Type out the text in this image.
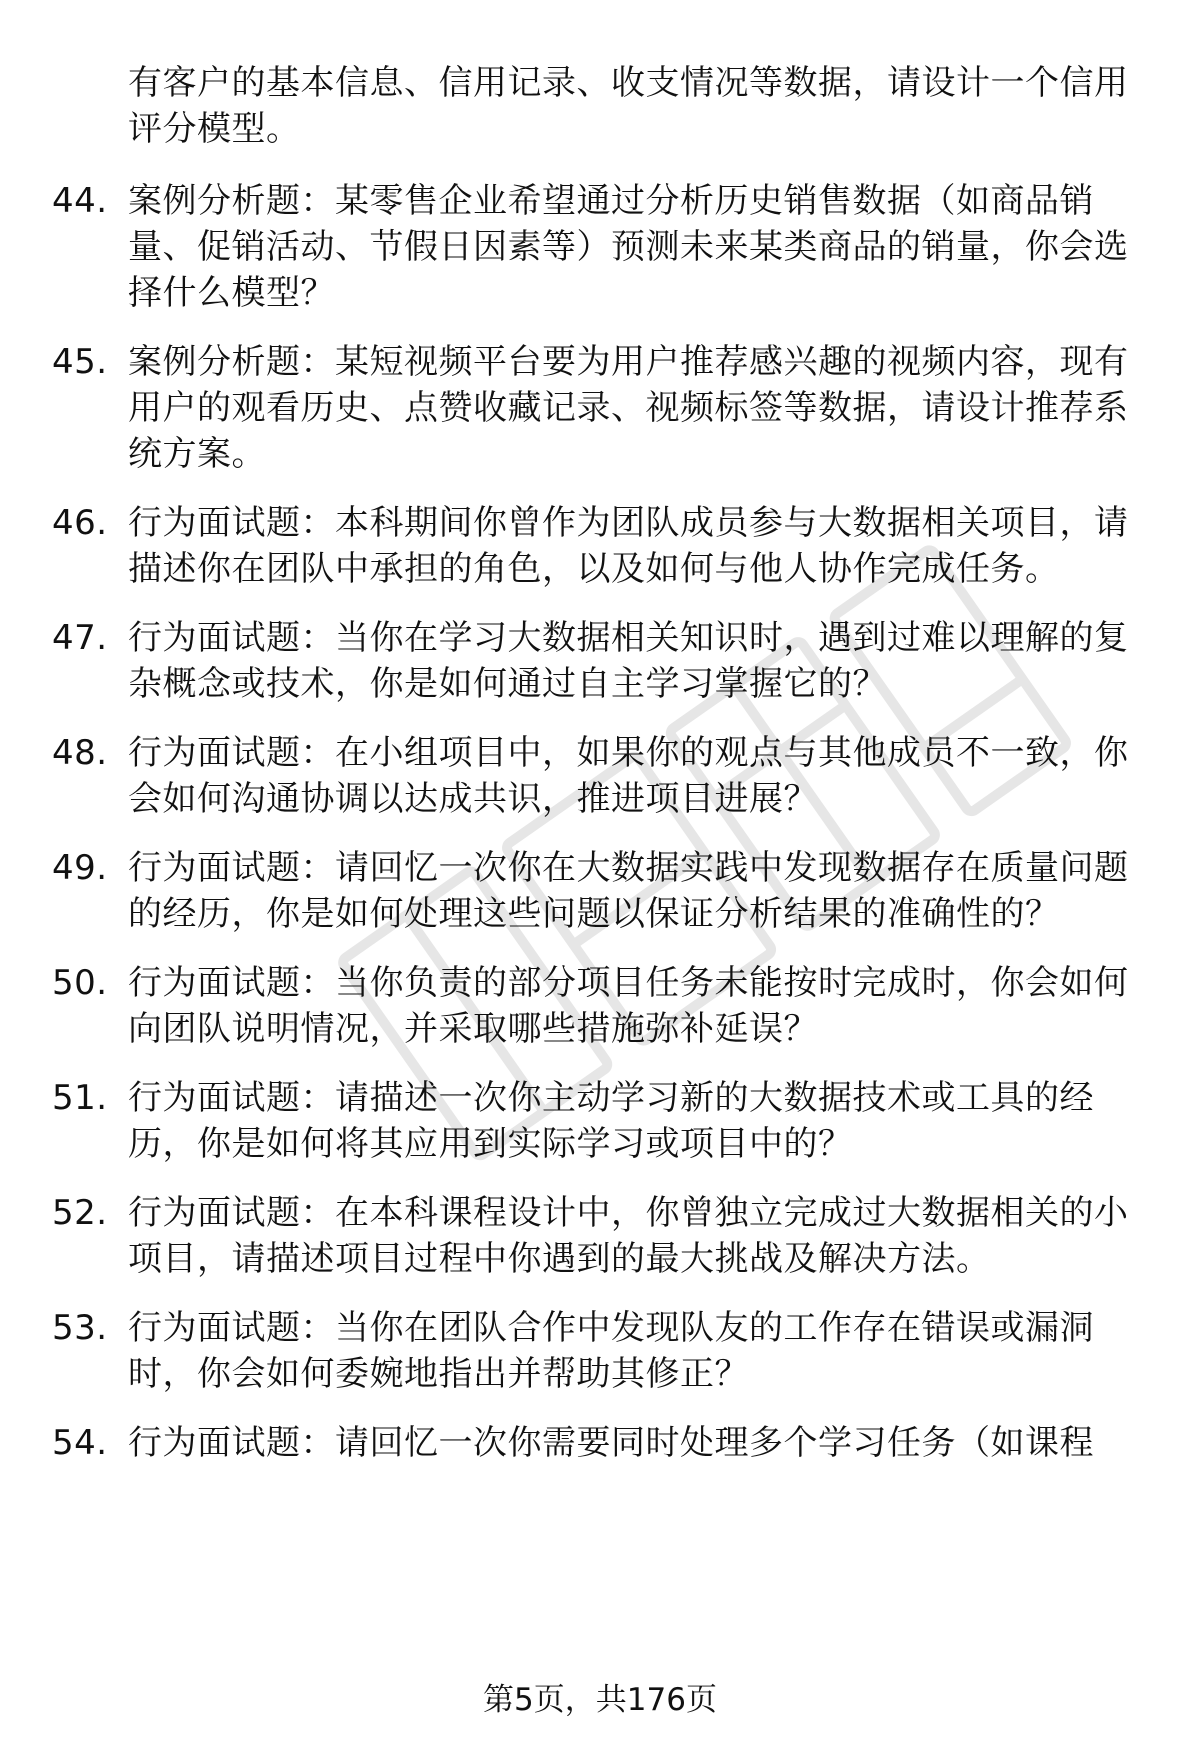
有客户的基本信息、信用记录、收支情况等数据，请设计一个信用评分模型。

44. 案例分析题：某零售企业希望通过分析历史销售数据（如商品销量、促销活动、节假日因素等）预测未来某类商品的销量，你会选择什么模型？
45. 案例分析题：某短视频平台要为用户推荐感兴趣的视频内容，现有用户的观看历史、点赞收藏记录、视频标签等数据，请设计推荐系统方案。
46. 行为面试题：本科期间你曾作为团队成员参与大数据相关项目，请描述你在团队中承担的角色，以及如何与他人协作完成任务。
47. 行为面试题：当你在学习大数据相关知识时，遇到过难以理解的复杂概念或技术，你是如何通过自主学习掌握它的？
48. 行为面试题：在小组项目中，如果你的观点与其他成员不一致，你会如何沟通协调以达成共识，推进项目进展？
49. 行为面试题：请回忆一次你在大数据实践中发现数据存在质量问题的经历，你是如何处理这些问题以保证分析结果的准确性的？
50. 行为面试题：当你负责的部分项目任务未能按时完成时，你会如何向团队说明情况，并采取哪些措施弥补延误？
51. 行为面试题：请描述一次你主动学习新的大数据技术或工具的经历，你是如何将其应用到实际学习或项目中的？
52. 行为面试题：在本科课程设计中，你曾独立完成过大数据相关的小项目，请描述项目过程中你遇到的最大挑战及解决方法。
53. 行为面试题：当你在团队合作中发现队友的工作存在错误或漏洞时，你会如何委婉地指出并帮助其修正？
54. 行为面试题：请回忆一次你需要同时处理多个学习任务（如课程
第5页，共176页
